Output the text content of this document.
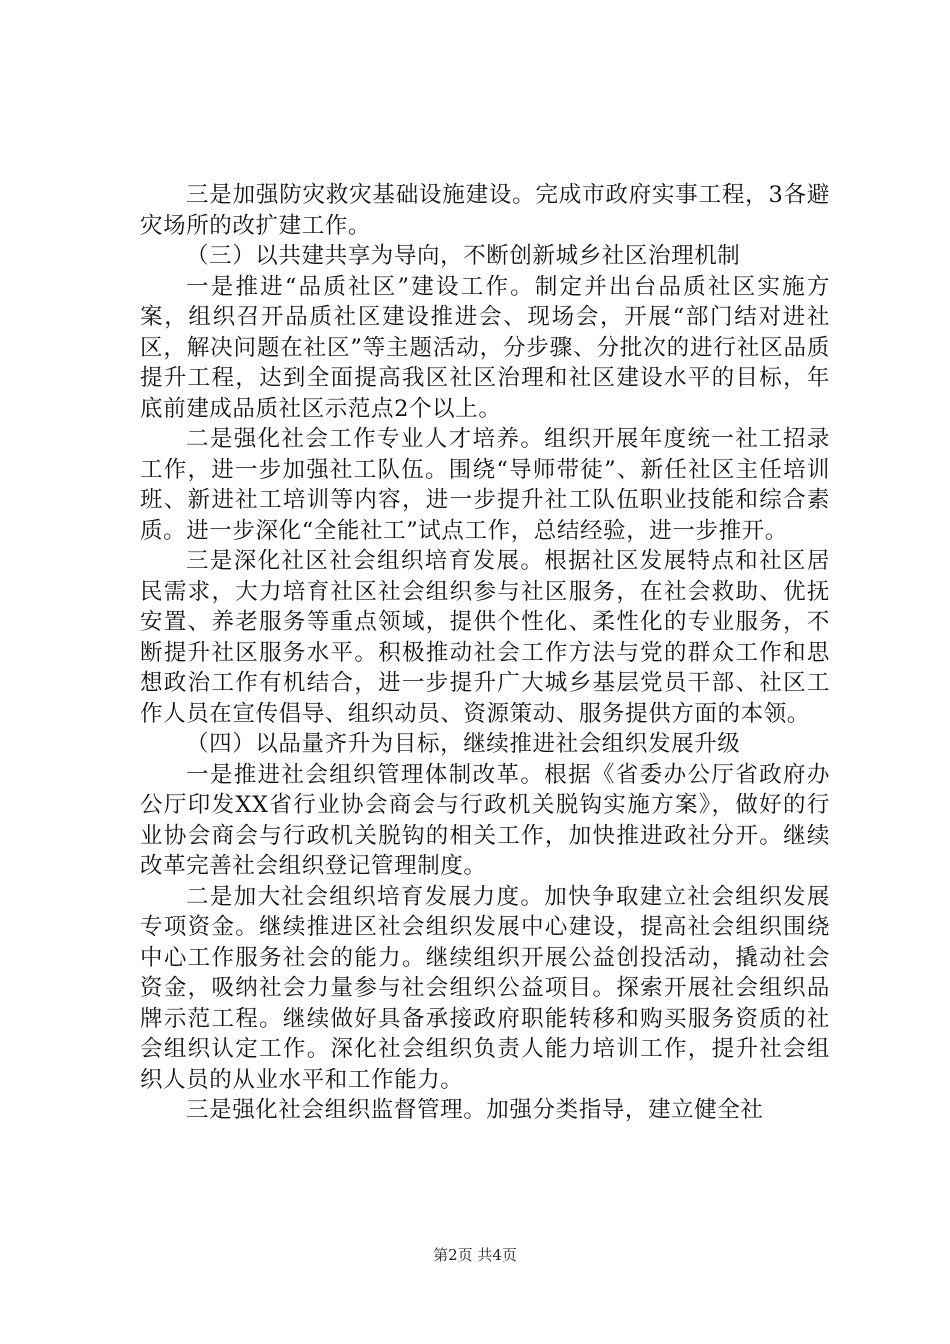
三是加强防灾救灾基础设施建设。完成市政府实事工程，3各避灾场所的改扩建工作。

（三）以共建共享为导向，不断创新城乡社区治理机制

一是推进“品质社区”建设工作。制定并出台品质社区实施方案，组织召开品质社区建设推进会、现场会，开展“部门结对进社区，解决问题在社区”等主题活动，分步骤、分批次的进行社区品质提升工程，达到全面提高我区社区治理和社区建设水平的目标，年底前建成品质社区示范点2个以上。

二是强化社会工作专业人才培养。组织开展年度统一社工招录工作，进一步加强社工队伍。围绕“导师带徒”、新任社区主任培训班、新进社工培训等内容，进一步提升社工队伍职业技能和综合素质。进一步深化“全能社工”试点工作，总结经验，进一步推开。

三是深化社区社会组织培育发展。根据社区发展特点和社区居民需求，大力培育社区社会组织参与社区服务，在社会救助、优抚安置、养老服务等重点领域，提供个性化、柔性化的专业服务，不断提升社区服务水平。积极推动社会工作方法与党的群众工作和思想政治工作有机结合，进一步提升广大城乡基层党员干部、社区工作人员在宣传倡导、组织动员、资源策动、服务提供方面的本领。

（四）以品量齐升为目标，继续推进社会组织发展升级

一是推进社会组织管理体制改革。根据《省委办公厅省政府办公厅印发XX省行业协会商会与行政机关脱钩实施方案》，做好的行业协会商会与行政机关脱钩的相关工作，加快推进政社分开。继续改革完善社会组织登记管理制度。

二是加大社会组织培育发展力度。加快争取建立社会组织发展专项资金。继续推进区社会组织发展中心建设，提高社会组织围绕中心工作服务社会的能力。继续组织开展公益创投活动，撬动社会资金，吸纳社会力量参与社会组织公益项目。探索开展社会组织品牌示范工程。继续做好具备承接政府职能转移和购买服务资质的社会组织认定工作。深化社会组织负责人能力培训工作，提升社会组织人员的从业水平和工作能力。

三是强化社会组织监督管理。加强分类指导，建立健全社

第2页 共4页
